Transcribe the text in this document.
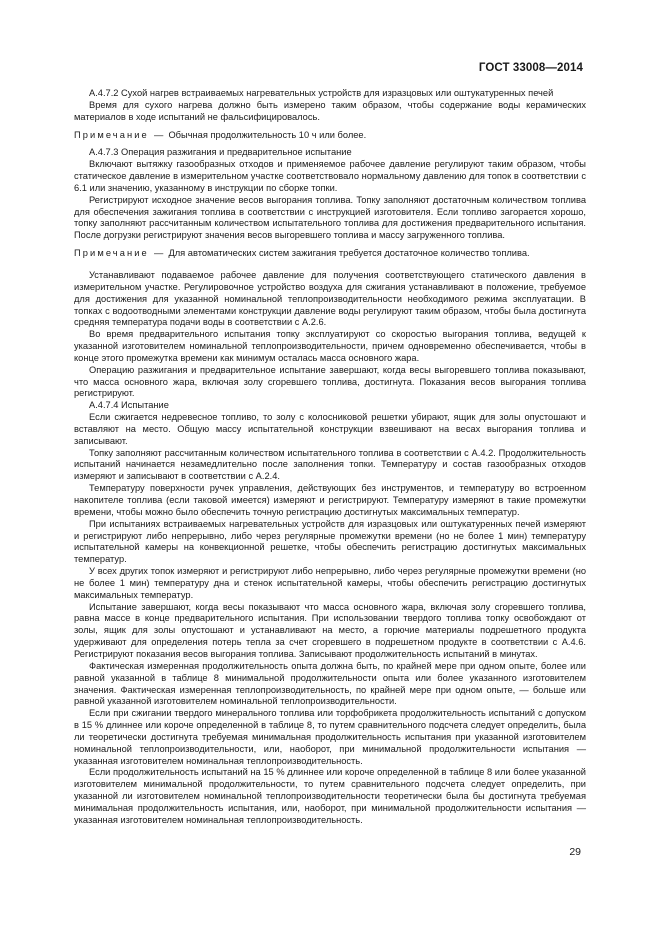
ГОСТ 33008—2014

А.4.7.2 Сухой нагрев встраиваемых нагревательных устройств для изразцовых или оштукатуренных печей

Время для сухого нагрева должно быть измерено таким образом, чтобы содержание воды керамических материалов в ходе испытаний не фальсифицировалось.

Примечание  —  Обычная продолжительность 10 ч или более.

А.4.7.3 Операция разжигания и предварительное испытание

Включают вытяжку газообразных отходов и применяемое рабочее давление регулируют таким образом, чтобы статическое давление в измерительном участке соответствовало нормальному давлению для топок в соответствии с 6.1 или значению, указанному в инструкции по сборке топки.

Регистрируют исходное значение весов выгорания топлива. Топку заполняют достаточным количеством топлива для обеспечения зажигания топлива в соответствии с инструкцией изготовителя. Если топливо загорается хорошо, топку заполняют рассчитанным количеством испытательного топлива для достижения предварительного испытания. После догрузки регистрируют значения весов выгоревшего топлива и массу загруженного топлива.

Примечание  —  Для автоматических систем зажигания требуется достаточное количество топлива.

Устанавливают подаваемое рабочее давление для получения соответствующего статического давления в измерительном участке. Регулировочное устройство воздуха для сжигания устанавливают в положение, требуемое для достижения для указанной номинальной теплопроизводительности необходимого режима эксплуатации. В топках с водоотводными элементами конструкции давление воды регулируют таким образом, чтобы была достигнута средняя температура подачи воды в соответствии с А.2.6.

Во время предварительного испытания топку эксплуатируют со скоростью выгорания топлива, ведущей к указанной изготовителем номинальной теплопроизводительности, причем одновременно обеспечивается, чтобы в конце этого промежутка времени как минимум осталась масса основного жара.

Операцию разжигания и предварительное испытание завершают, когда весы выгоревшего топлива показывают, что масса основного жара, включая золу сгоревшего топлива, достигнута. Показания весов выгорания топлива регистрируют.

А.4.7.4 Испытание

Если сжигается недревесное топливо, то золу с колосниковой решетки убирают, ящик для золы опустошают и вставляют на место. Общую массу испытательной конструкции взвешивают на весах выгорания топлива и записывают.

Топку заполняют рассчитанным количеством испытательного топлива в соответствии с А.4.2. Продолжительность испытаний начинается незамедлительно после заполнения топки. Температуру и состав газообразных отходов измеряют и записывают в соответствии с А.2.4.

Температуру поверхности ручек управления, действующих без инструментов, и температуру во встроенном накопителе топлива (если таковой имеется) измеряют и регистрируют. Температуру измеряют в такие промежутки времени, чтобы можно было обеспечить точную регистрацию достигнутых максимальных температур.

При испытаниях встраиваемых нагревательных устройств для изразцовых или оштукатуренных печей измеряют и регистрируют либо непрерывно, либо через регулярные промежутки времени (но не более 1 мин) температуру испытательной камеры на конвекционной решетке, чтобы обеспечить регистрацию достигнутых максимальных температур.

У всех других топок измеряют и регистрируют либо непрерывно, либо через регулярные промежутки времени (но не более 1 мин) температуру дна и стенок испытательной камеры, чтобы обеспечить регистрацию достигнутых максимальных температур.

Испытание завершают, когда весы показывают что масса основного жара, включая золу сгоревшего топлива, равна массе в конце предварительного испытания. При использовании твердого топлива топку освобождают от золы, ящик для золы опустошают и устанавливают на место, а горючие материалы подрешетного продукта удерживают для определения потерь тепла за счет сгоревшего в подрешетном продукте в соответствии с А.4.6. Регистрируют показания весов выгорания топлива. Записывают продолжительность испытаний в минутах.

Фактическая измеренная продолжительность опыта должна быть, по крайней мере при одном опыте, более или равной указанной в таблице 8 минимальной продолжительности опыта или более указанного изготовителем значения. Фактическая измеренная теплопроизводительность, по крайней мере при одном опыте, — больше или равной указанной изготовителем номинальной теплопроизводительности.

Если при сжигании твердого минерального топлива или торфобрикета продолжительность испытаний с допуском в 15 % длиннее или короче определенной в таблице 8, то путем сравнительного подсчета следует определить, была ли теоретически достигнута требуемая минимальная продолжительность испытания при указанной изготовителем номинальной теплопроизводительности, или, наоборот, при минимальной продолжительности испытания — указанная изготовителем номинальная теплопроизводительность.

Если продолжительность испытаний на 15 % длиннее или короче определенной в таблице 8 или более указанной изготовителем минимальной продолжительности, то путем сравнительного подсчета следует определить, при указанной ли изготовителем номинальной теплопроизводительности теоретически была бы достигнута требуемая минимальная продолжительность испытания, или, наоборот, при минимальной продолжительности испытания — указанная изготовителем номинальная теплопроизводительность.

29
